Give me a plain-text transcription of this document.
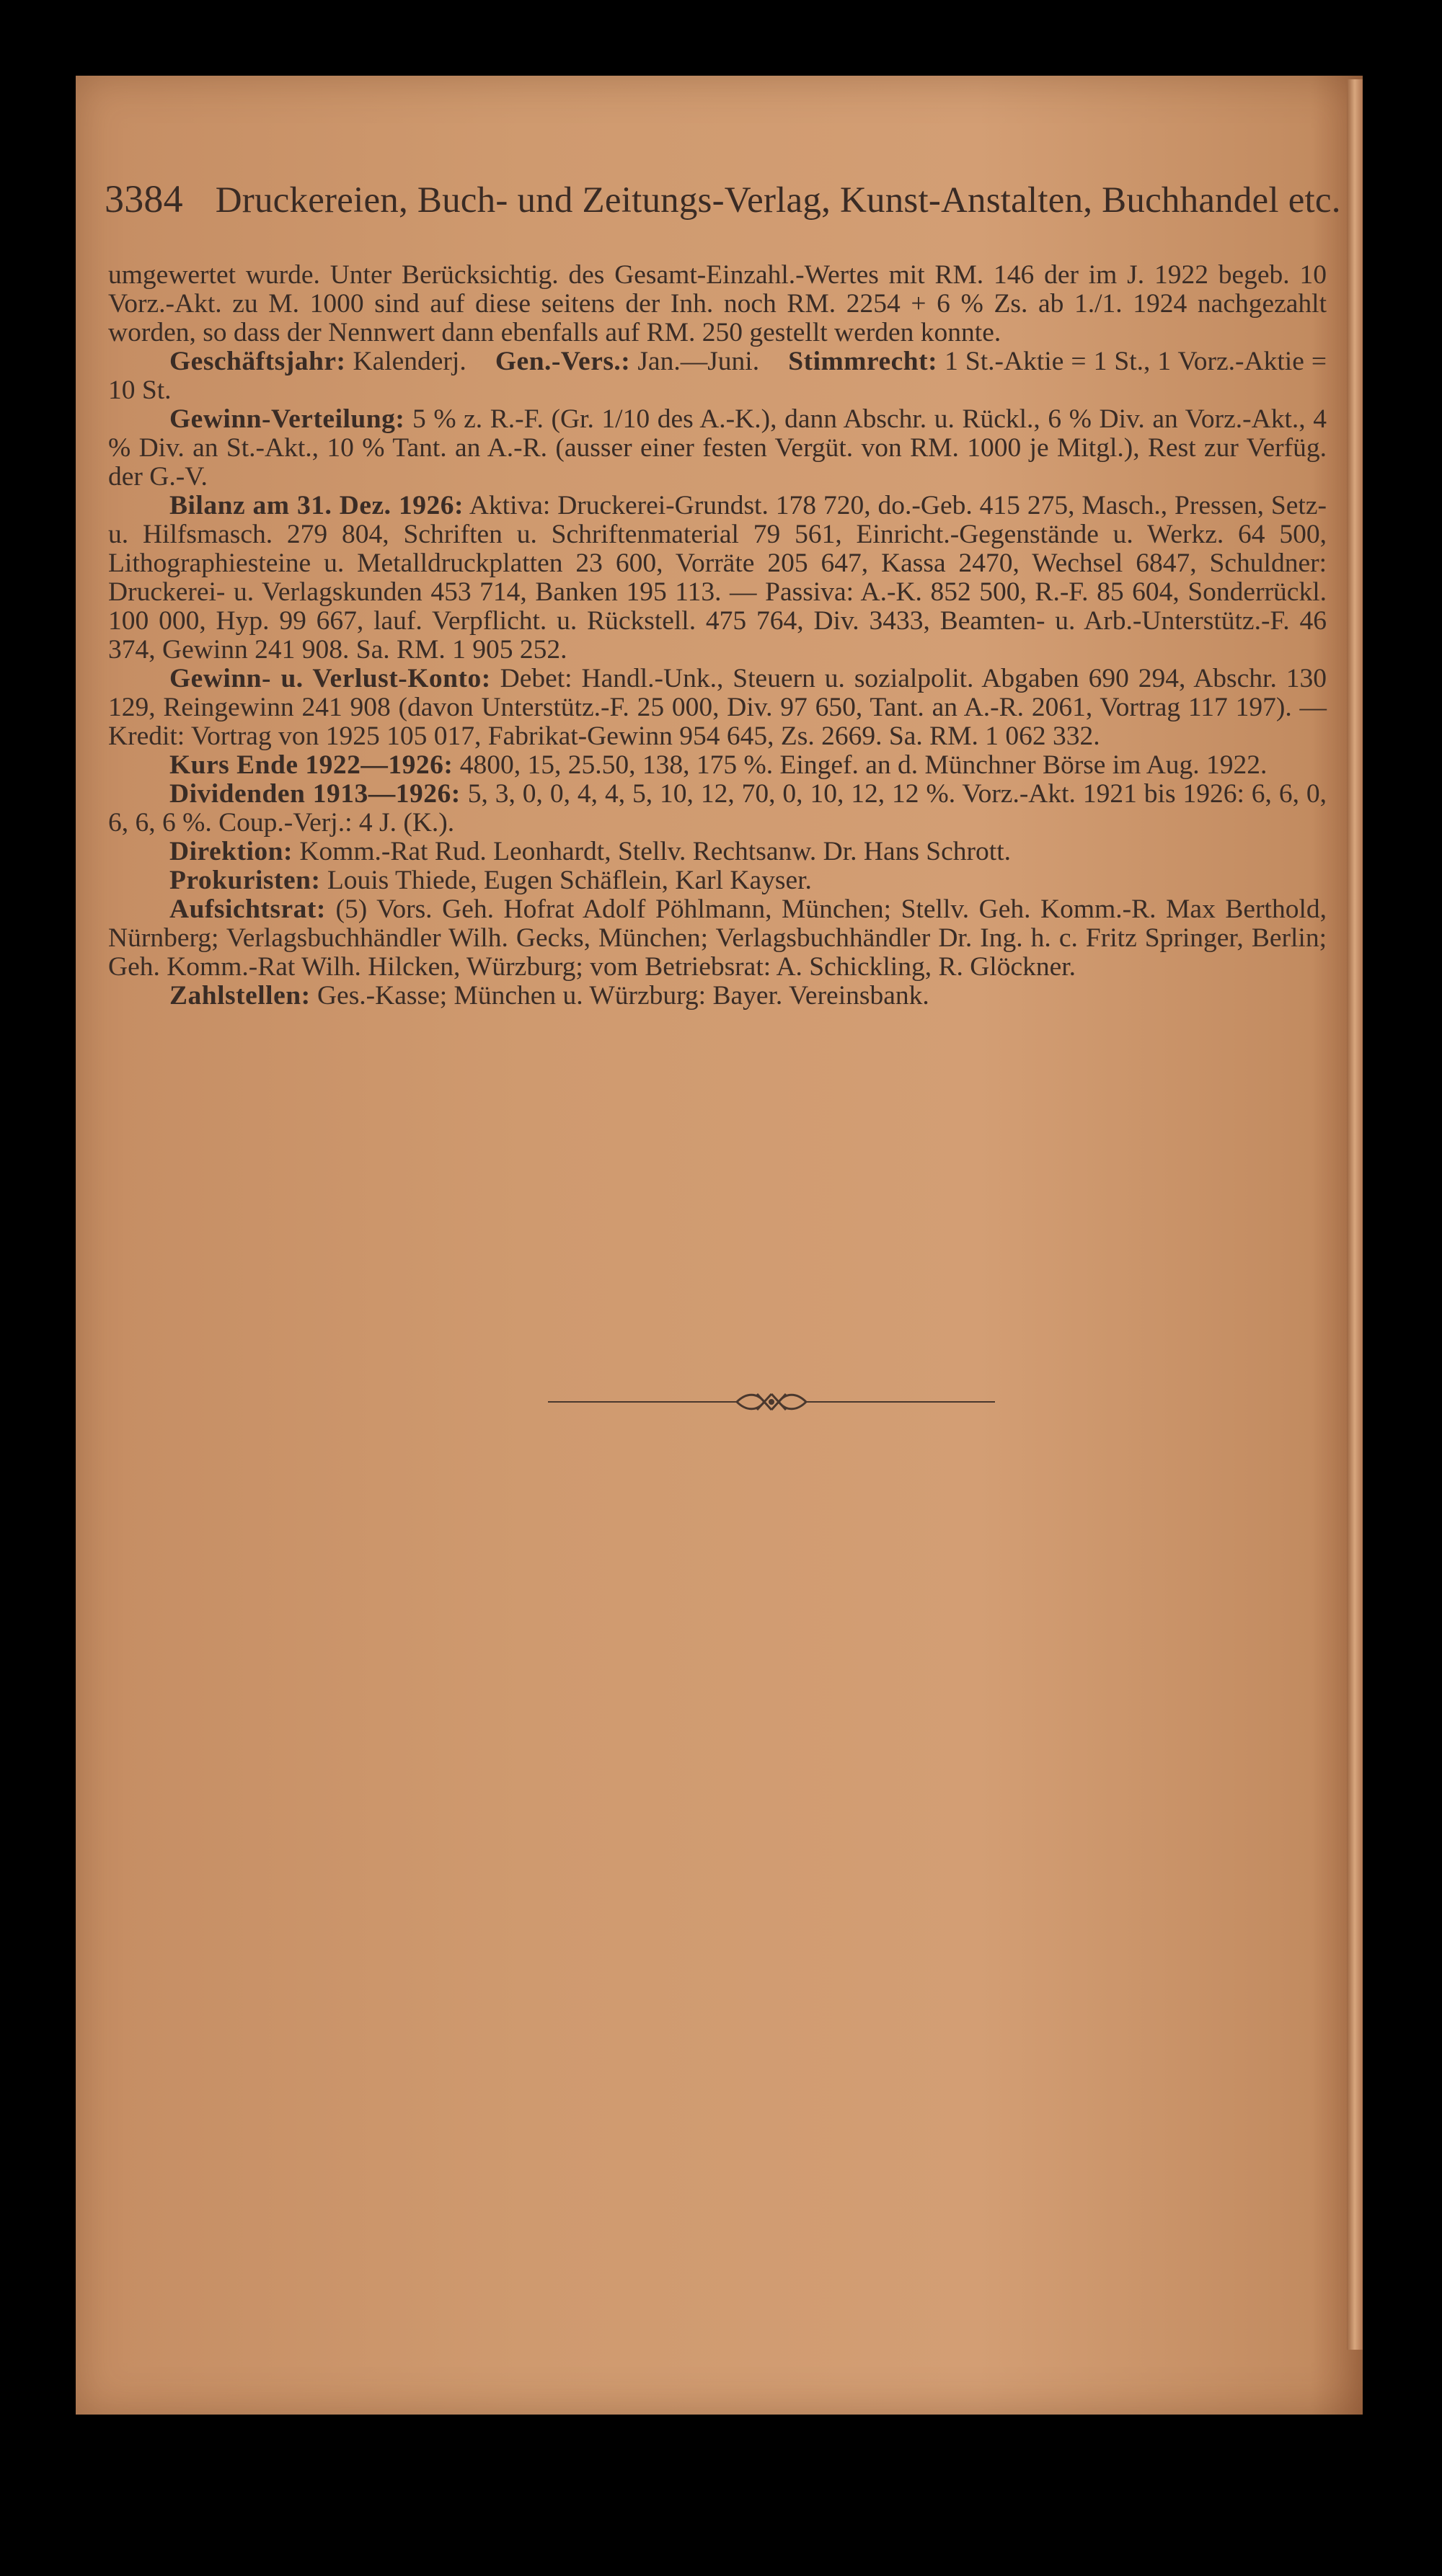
3384 Druckereien, Buch- und Zeitungs-Verlag, Kunst-Anstalten, Buchhandel etc.

umgewertet wurde. Unter Berücksichtig. des Gesamt-Einzahl.-Wertes mit RM. 146 der im J. 1922 begeb. 10 Vorz.-Akt. zu M. 1000 sind auf diese seitens der Inh. noch RM. 2254 + 6 % Zs. ab 1./1. 1924 nachgezahlt worden, so dass der Nennwert dann ebenfalls auf RM. 250 gestellt werden konnte.

Geschäftsjahr: Kalenderj. Gen.-Vers.: Jan.—Juni. Stimmrecht: 1 St.-Aktie = 1 St., 1 Vorz.-Aktie = 10 St.

Gewinn-Verteilung: 5 % z. R.-F. (Gr. 1/10 des A.-K.), dann Abschr. u. Rückl., 6 % Div. an Vorz.-Akt., 4 % Div. an St.-Akt., 10 % Tant. an A.-R. (ausser einer festen Vergüt. von RM. 1000 je Mitgl.), Rest zur Verfüg. der G.-V.

Bilanz am 31. Dez. 1926: Aktiva: Druckerei-Grundst. 178 720, do.-Geb. 415 275, Masch., Pressen, Setz- u. Hilfsmasch. 279 804, Schriften u. Schriftenmaterial 79 561, Einricht.-Gegenstände u. Werkz. 64 500, Lithographiesteine u. Metalldruckplatten 23 600, Vorräte 205 647, Kassa 2470, Wechsel 6847, Schuldner: Druckerei- u. Verlagskunden 453 714, Banken 195 113. — Passiva: A.-K. 852 500, R.-F. 85 604, Sonderrückl. 100 000, Hyp. 99 667, lauf. Verpflicht. u. Rückstell. 475 764, Div. 3433, Beamten- u. Arb.-Unterstütz.-F. 46 374, Gewinn 241 908. Sa. RM. 1 905 252.

Gewinn- u. Verlust-Konto: Debet: Handl.-Unk., Steuern u. sozialpolit. Abgaben 690 294, Abschr. 130 129, Reingewinn 241 908 (davon Unterstütz.-F. 25 000, Div. 97 650, Tant. an A.-R. 2061, Vortrag 117 197). — Kredit: Vortrag von 1925 105 017, Fabrikat-Gewinn 954 645, Zs. 2669. Sa. RM. 1 062 332.

Kurs Ende 1922—1926: 4800, 15, 25.50, 138, 175 %. Eingef. an d. Münchner Börse im Aug. 1922.

Dividenden 1913—1926: 5, 3, 0, 0, 4, 4, 5, 10, 12, 70, 0, 10, 12, 12 %. Vorz.-Akt. 1921 bis 1926: 6, 6, 0, 6, 6, 6 %. Coup.-Verj.: 4 J. (K.).

Direktion: Komm.-Rat Rud. Leonhardt, Stellv. Rechtsanw. Dr. Hans Schrott.

Prokuristen: Louis Thiede, Eugen Schäflein, Karl Kayser.

Aufsichtsrat: (5) Vors. Geh. Hofrat Adolf Pöhlmann, München; Stellv. Geh. Komm.-R. Max Berthold, Nürnberg; Verlagsbuchhändler Wilh. Gecks, München; Verlagsbuchhändler Dr. Ing. h. c. Fritz Springer, Berlin; Geh. Komm.-Rat Wilh. Hilcken, Würzburg; vom Betriebsrat: A. Schickling, R. Glöckner.

Zahlstellen: Ges.-Kasse; München u. Würzburg: Bayer. Vereinsbank.
